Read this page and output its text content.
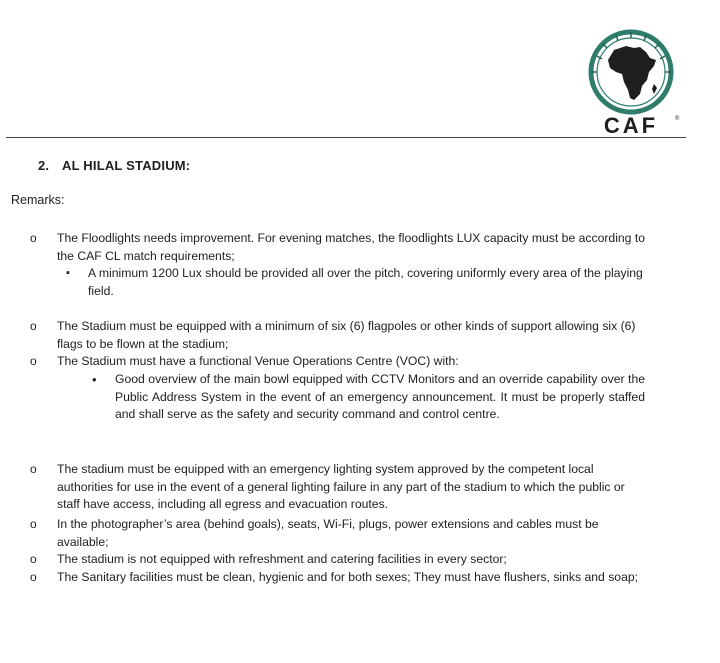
CAF	®
2. AL HILAL STADIUM:
Remarks:
o The Floodlights needs improvement. For evening matches, the floodlights LUX capacity must be according to the CAF CL match requirements;
▪ A minimum 1200 Lux should be provided all over the pitch, covering uniformly every area of the playing field.
o The Stadium must be equipped with a minimum of six (6) flagpoles or other kinds of support allowing six (6) flags to be flown at the stadium;
o The Stadium must have a functional Venue Operations Centre (VOC) with:
• Good overview of the main bowl equipped with CCTV Monitors and an override capability over the Public Address System in the event of an emergency announcement. It must be properly staffed and shall serve as the safety and security command and control centre.
o The stadium must be equipped with an emergency lighting system approved by the competent local authorities for use in the event of a general lighting failure in any part of the stadium to which the public or staff have access, including all egress and evacuation routes.
o In the photographer’s area (behind goals), seats, Wi-Fi, plugs, power extensions and cables must be available;
o The stadium is not equipped with refreshment and catering facilities in every sector;
o The Sanitary facilities must be clean, hygienic and for both sexes; They must have flushers, sinks and soap;
